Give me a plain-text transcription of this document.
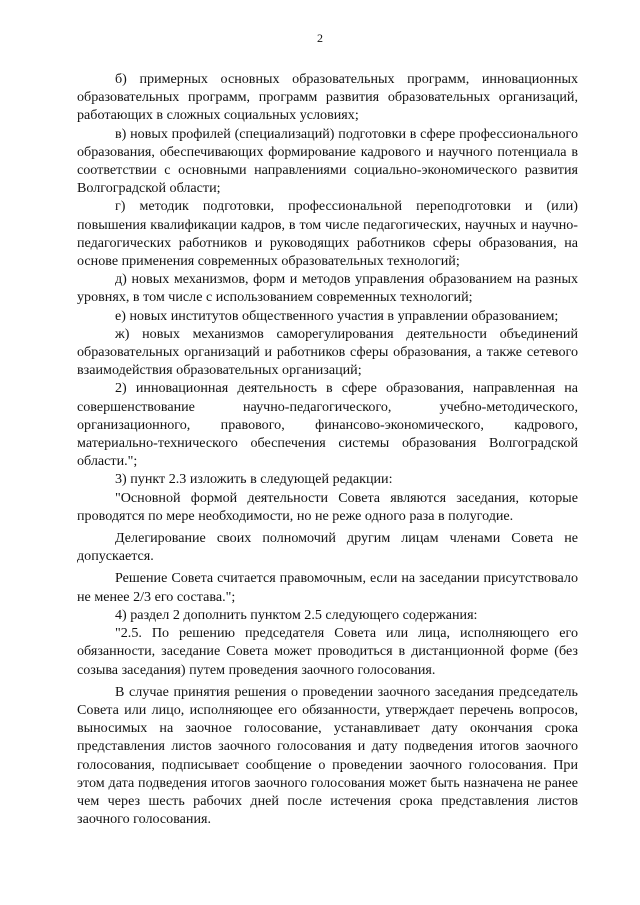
2

б) примерных основных образовательных программ, инновационных образовательных программ, программ развития образовательных организаций, работающих в сложных социальных условиях;

в) новых профилей (специализаций) подготовки в сфере профессионального образования, обеспечивающих формирование кадрового и научного потенциала в соответствии с основными направлениями социально-экономического развития Волгоградской области;

г) методик подготовки, профессиональной переподготовки и (или) повышения квалификации кадров, в том числе педагогических, научных и научно-педагогических работников и руководящих работников сферы образования, на основе применения современных образовательных технологий;

д) новых механизмов, форм и методов управления образованием на разных уровнях, в том числе с использованием современных технологий;

е) новых институтов общественного участия в управлении образованием;

ж) новых механизмов саморегулирования деятельности объединений образовательных организаций и работников сферы образования, а также сетевого взаимодействия образовательных организаций;

2) инновационная деятельность в сфере образования, направленная на совершенствование научно-педагогического, учебно-методического, организационного, правового, финансово-экономического, кадрового, материально-технического обеспечения системы образования Волгоградской области.";

3) пункт 2.3 изложить в следующей редакции:

"Основной формой деятельности Совета являются заседания, которые проводятся по мере необходимости, но не реже одного раза в полугодие.

Делегирование своих полномочий другим лицам членами Совета не допускается.

Решение Совета считается правомочным, если на заседании присутствовало не менее 2/3 его состава.";

4) раздел 2 дополнить пунктом 2.5 следующего содержания:

"2.5. По решению председателя Совета или лица, исполняющего его обязанности, заседание Совета может проводиться в дистанционной форме (без созыва заседания) путем проведения заочного голосования.

В случае принятия решения о проведении заочного заседания председатель Совета или лицо, исполняющее его обязанности, утверждает перечень вопросов, выносимых на заочное голосование, устанавливает дату окончания срока представления листов заочного голосования и дату подведения итогов заочного голосования, подписывает сообщение о проведении заочного голосования. При этом дата подведения итогов заочного голосования может быть назначена не ранее чем через шесть рабочих дней после истечения срока представления листов заочного голосования.
